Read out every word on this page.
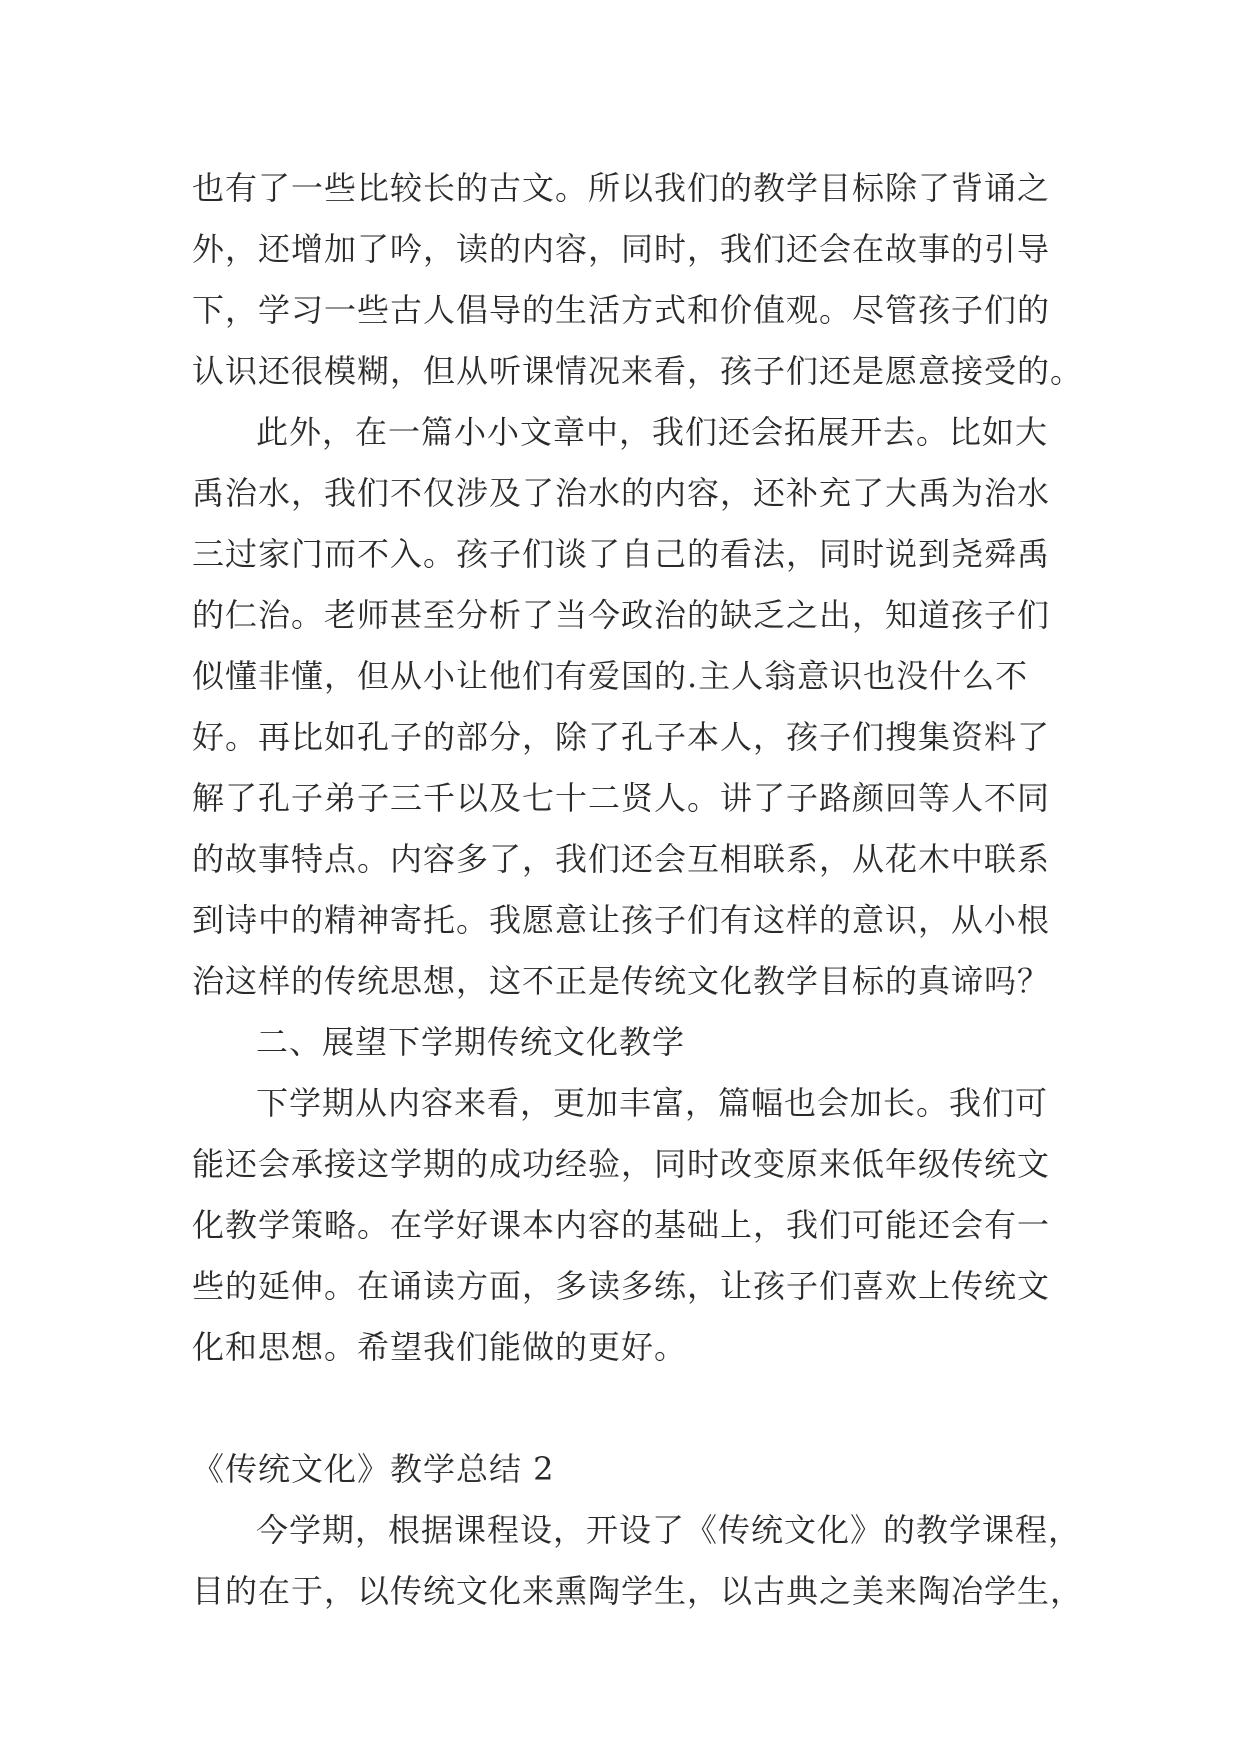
也有了一些比较长的古文。所以我们的教学目标除了背诵之
外，还增加了吟，读的内容，同时，我们还会在故事的引导
下，学习一些古人倡导的生活方式和价值观。尽管孩子们的
认识还很模糊，但从听课情况来看，孩子们还是愿意接受的。
此外，在一篇小小文章中，我们还会拓展开去。比如大
禹治水，我们不仅涉及了治水的内容，还补充了大禹为治水
三过家门而不入。孩子们谈了自己的看法，同时说到尧舜禹
的仁治。老师甚至分析了当今政治的缺乏之出，知道孩子们
似懂非懂，但从小让他们有爱国的.主人翁意识也没什么不
好。再比如孔子的部分，除了孔子本人，孩子们搜集资料了
解了孔子弟子三千以及七十二贤人。讲了子路颜回等人不同
的故事特点。内容多了，我们还会互相联系，从花木中联系
到诗中的精神寄托。我愿意让孩子们有这样的意识，从小根
治这样的传统思想，这不正是传统文化教学目标的真谛吗？
二、展望下学期传统文化教学
下学期从内容来看，更加丰富，篇幅也会加长。我们可
能还会承接这学期的成功经验，同时改变原来低年级传统文
化教学策略。在学好课本内容的基础上，我们可能还会有一
些的延伸。在诵读方面，多读多练，让孩子们喜欢上传统文
化和思想。希望我们能做的更好。
《传统文化》教学总结 2
今学期，根据课程设，开设了《传统文化》的教学课程，
目的在于，以传统文化来熏陶学生，以古典之美来陶冶学生，
